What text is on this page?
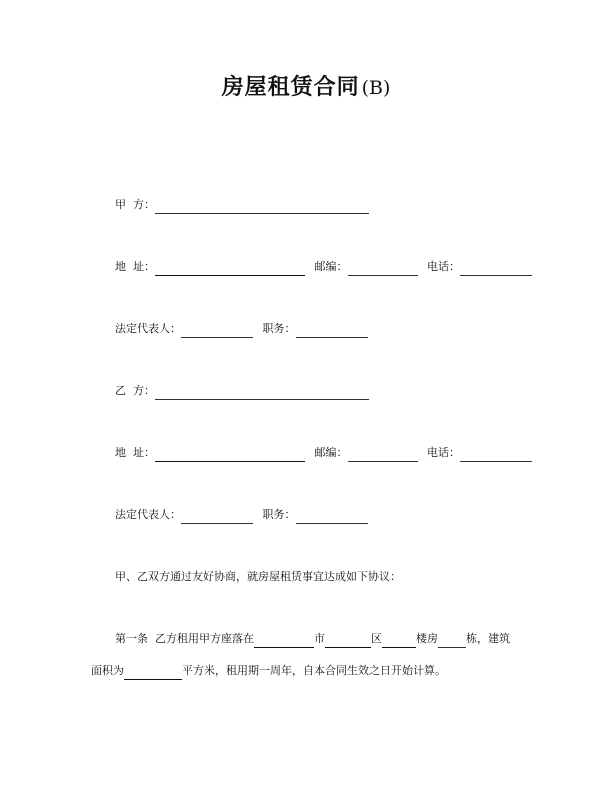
房屋租赁合同 (B)
甲  方：
地  址：	邮编：	电话：
法定代表人：	职务：
乙  方：
地  址：	邮编：	电话：
法定代表人：	职务：
甲、乙双方通过友好协商，就房屋租赁事宜达成如下协议：
第一条  乙方租用甲方座落在	市	区	楼房	栋，建筑
面积为	平方米，租用期一周年，自本合同生效之日开始计算。
